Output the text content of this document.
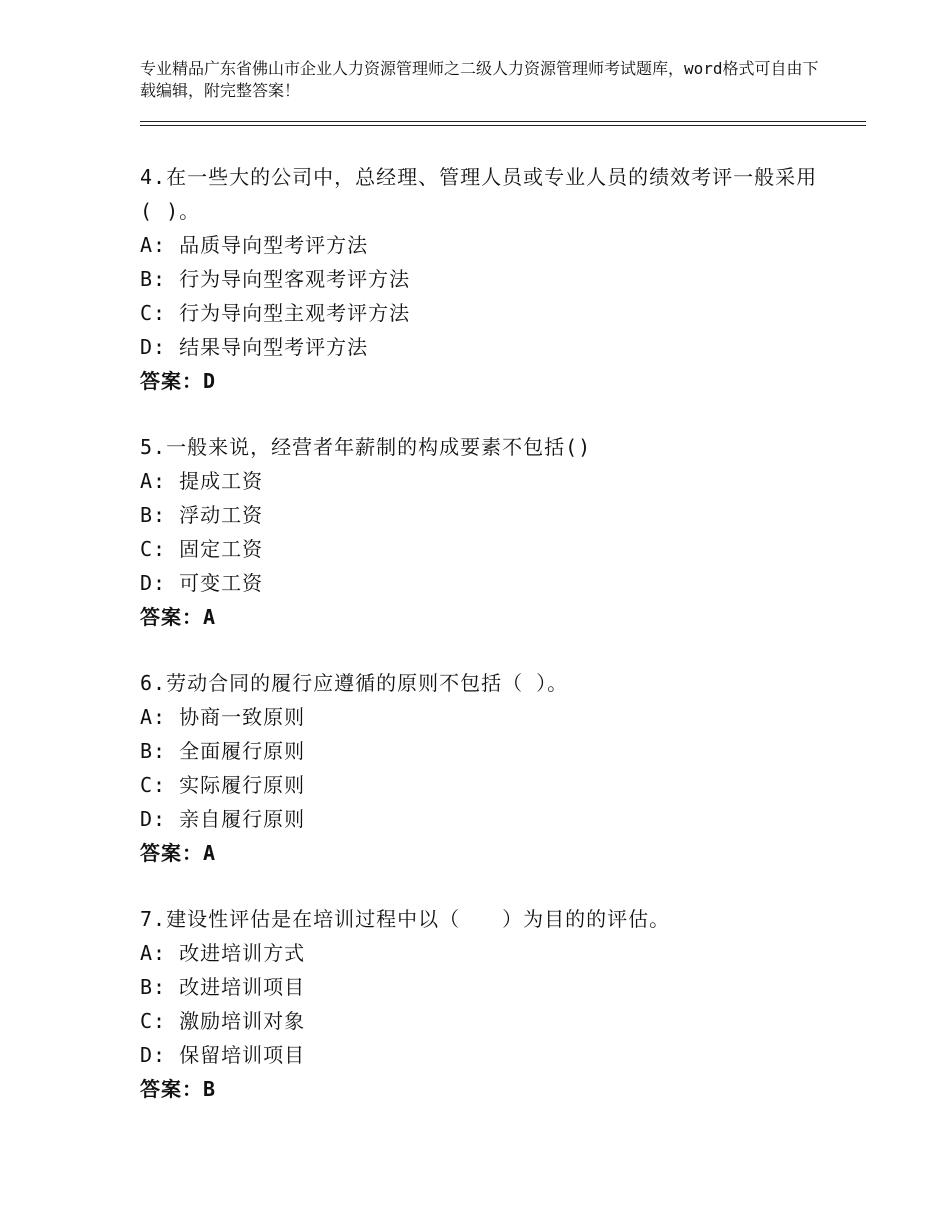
专业精品广东省佛山市企业人力资源管理师之二级人力资源管理师考试题库，word格式可自由下载编辑，附完整答案！
4.在一些大的公司中，总经理、管理人员或专业人员的绩效考评一般采用( )。
A: 品质导向型考评方法
B: 行为导向型客观考评方法
C: 行为导向型主观考评方法
D: 结果导向型考评方法
答案：D
5.一般来说，经营者年薪制的构成要素不包括()
A: 提成工资
B: 浮动工资
C: 固定工资
D: 可变工资
答案：A
6.劳动合同的履行应遵循的原则不包括（ ）。
A: 协商一致原则
B: 全面履行原则
C: 实际履行原则
D: 亲自履行原则
答案：A
7.建设性评估是在培训过程中以（　　）为目的的评估。
A: 改进培训方式
B: 改进培训项目
C: 激励培训对象
D: 保留培训项目
答案：B
